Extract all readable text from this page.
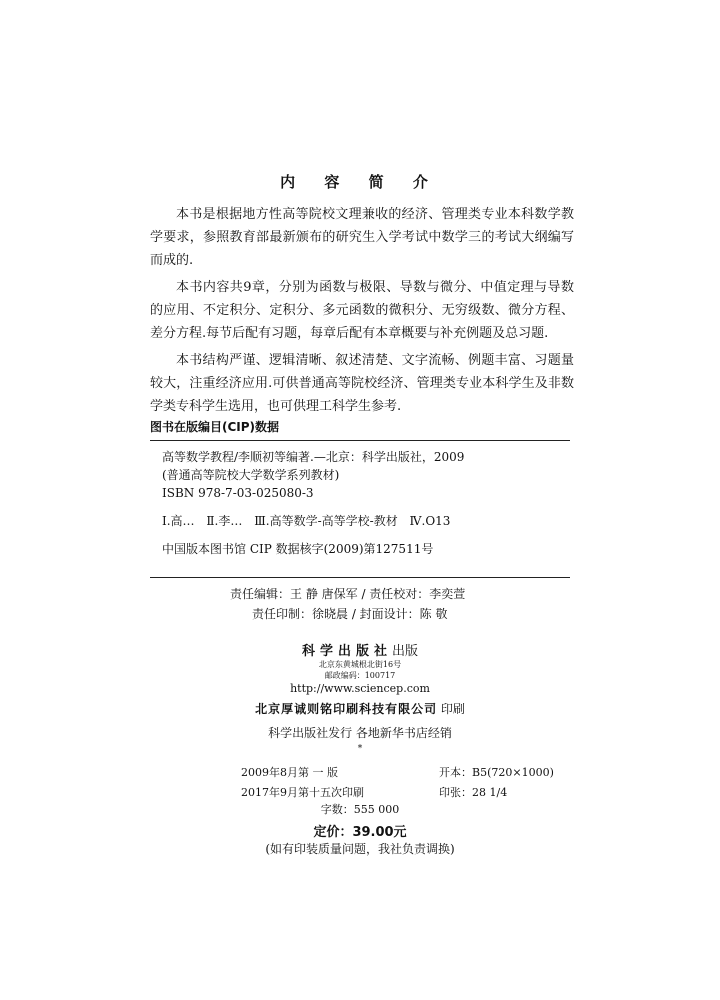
内 容 简 介

本书是根据地方性高等院校文理兼收的经济、管理类专业本科数学教学要求，参照教育部最新颁布的研究生入学考试中数学三的考试大纲编写而成的.

本书内容共9章，分别为函数与极限、导数与微分、中值定理与导数的应用、不定积分、定积分、多元函数的微积分、无穷级数、微分方程、差分方程.每节后配有习题，每章后配有本章概要与补充例题及总习题.

本书结构严谨、逻辑清晰、叙述清楚、文字流畅、例题丰富、习题量较大，注重经济应用.可供普通高等院校经济、管理类专业本科学生及非数学类专科学生选用，也可供理工科学生参考.

图书在版编目(CIP)数据
高等数学教程/李顺初等编著.—北京：科学出版社，2009
(普通高等院校大学数学系列教材)
ISBN 978-7-03-025080-3
Ⅰ.高… Ⅱ.李… Ⅲ.高等数学-高等学校-教材 Ⅳ.O13
中国版本图书馆 CIP 数据核字(2009)第127511号
责任编辑：王 静 唐保军 / 责任校对：李奕萱
责任印制：徐晓晨 / 封面设计：陈 敬
科学出版社出版
北京东黄城根北街16号
邮政编码：100717
http://www.sciencep.com
北京厚诚则铭印刷科技有限公司 印刷
科学出版社发行 各地新华书店经销
*
2009年8月第 一 版	开本：B5(720×1000)
2017年9月第十五次印刷	印张：28 1/4
字数：555 000
定价：39.00元
(如有印装质量问题，我社负责调换)
